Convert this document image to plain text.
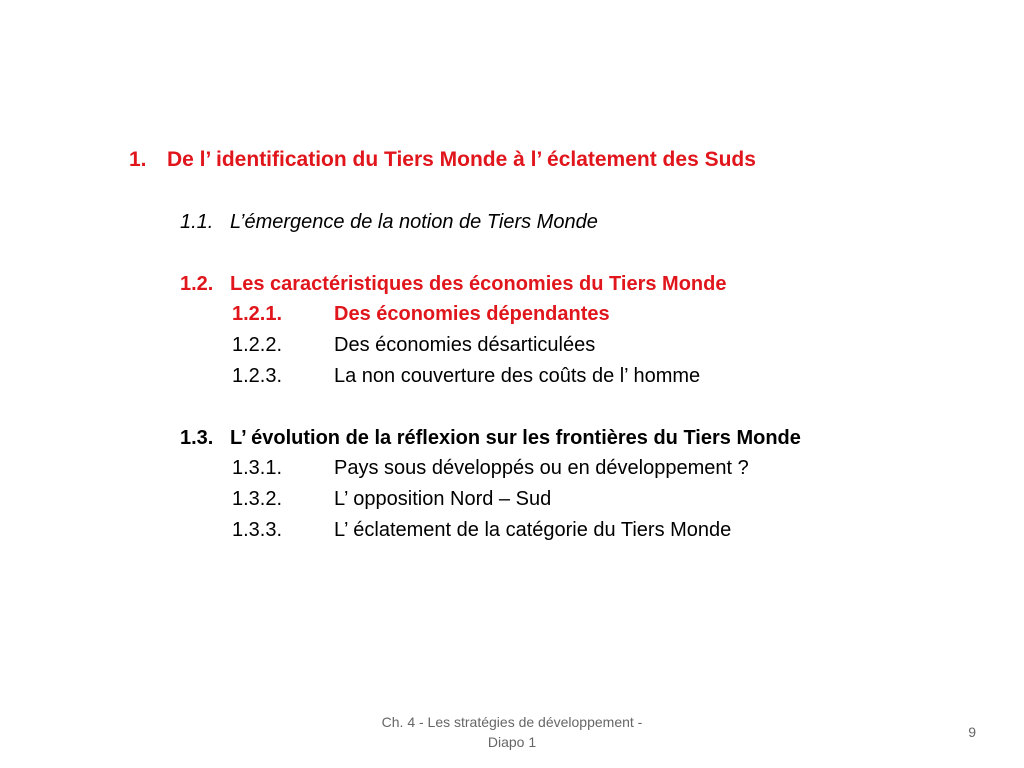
1. De l’ identification du Tiers Monde à l’ éclatement des Suds
1.1. L’émergence de la notion de Tiers Monde
1.2. Les caractéristiques des économies du Tiers Monde
1.2.1.	Des économies dépendantes
1.2.2.	Des économies désarticulées
1.2.3.	La non couverture des coûts de l’ homme
1.3. L’ évolution de la réflexion sur les frontières du Tiers Monde
1.3.1.	Pays sous développés ou en développement ?
1.3.2.	L’ opposition Nord – Sud
1.3.3.	L’ éclatement de la catégorie du Tiers Monde
Ch. 4 - Les stratégies de développement -
Diapo 1
9
